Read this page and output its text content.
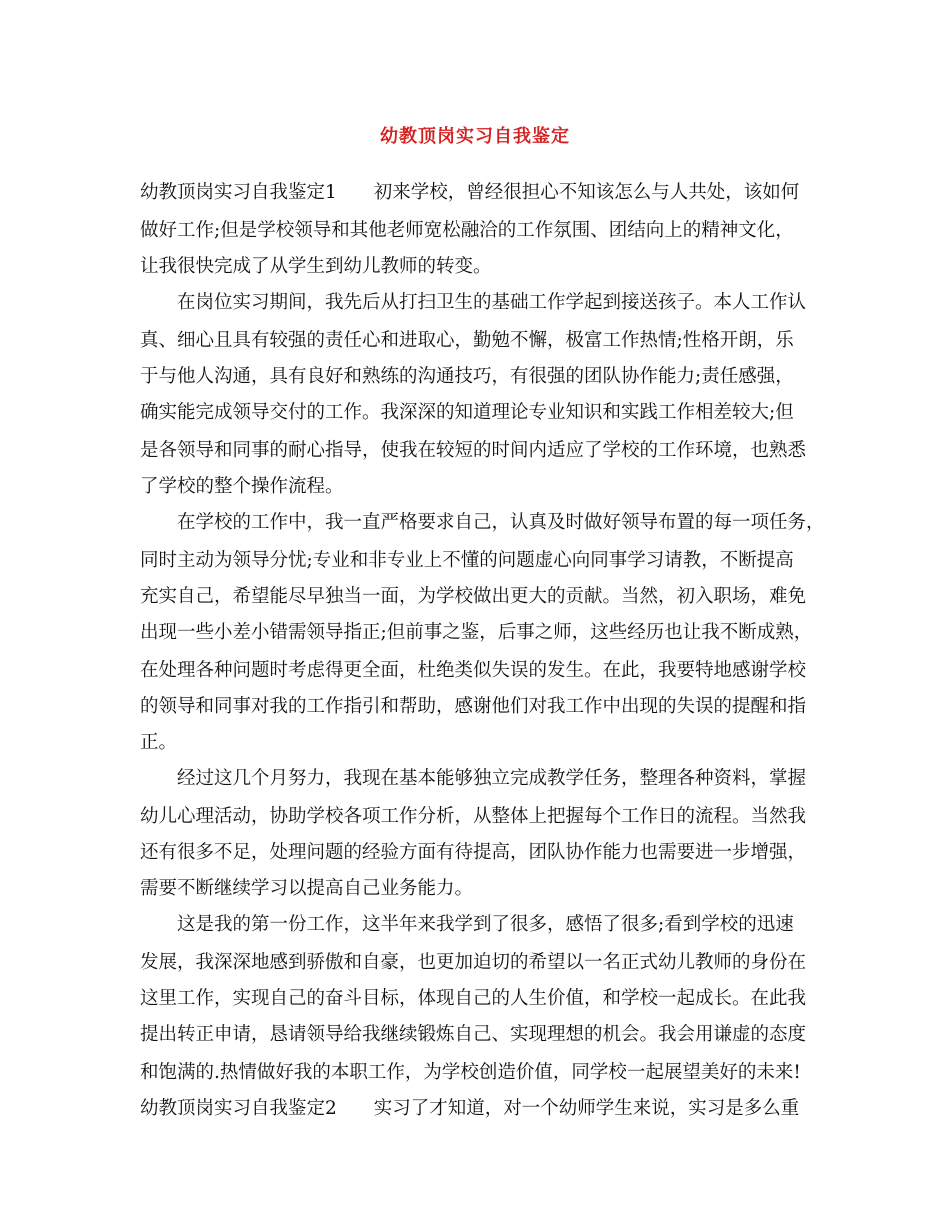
幼教顶岗实习自我鉴定
幼教顶岗实习自我鉴定1　　初来学校，曾经很担心不知该怎么与人共处，该如何
做好工作;但是学校领导和其他老师宽松融洽的工作氛围、团结向上的精神文化，
让我很快完成了从学生到幼儿教师的转变。
　　在岗位实习期间，我先后从打扫卫生的基础工作学起到接送孩子。本人工作认
真、细心且具有较强的责任心和进取心，勤勉不懈，极富工作热情;性格开朗，乐
于与他人沟通，具有良好和熟练的沟通技巧，有很强的团队协作能力;责任感强，
确实能完成领导交付的工作。我深深的知道理论专业知识和实践工作相差较大;但
是各领导和同事的耐心指导，使我在较短的时间内适应了学校的工作环境，也熟悉
了学校的整个操作流程。
　　在学校的工作中，我一直严格要求自己，认真及时做好领导布置的每一项任务，
同时主动为领导分忧;专业和非专业上不懂的问题虚心向同事学习请教，不断提高
充实自己，希望能尽早独当一面，为学校做出更大的贡献。当然，初入职场，难免
出现一些小差小错需领导指正;但前事之鉴，后事之师，这些经历也让我不断成熟，
在处理各种问题时考虑得更全面，杜绝类似失误的发生。在此，我要特地感谢学校
的领导和同事对我的工作指引和帮助，感谢他们对我工作中出现的失误的提醒和指
正。
　　经过这几个月努力，我现在基本能够独立完成教学任务，整理各种资料，掌握
幼儿心理活动，协助学校各项工作分析，从整体上把握每个工作日的流程。当然我
还有很多不足，处理问题的经验方面有待提高，团队协作能力也需要进一步增强，
需要不断继续学习以提高自己业务能力。
　　这是我的第一份工作，这半年来我学到了很多，感悟了很多;看到学校的迅速
发展，我深深地感到骄傲和自豪，也更加迫切的希望以一名正式幼儿教师的身份在
这里工作，实现自己的奋斗目标，体现自己的人生价值，和学校一起成长。在此我
提出转正申请，恳请领导给我继续锻炼自己、实现理想的机会。我会用谦虚的态度
和饱满的.热情做好我的本职工作，为学校创造价值，同学校一起展望美好的未来!
幼教顶岗实习自我鉴定2　　实习了才知道，对一个幼师学生来说，实习是多么重
